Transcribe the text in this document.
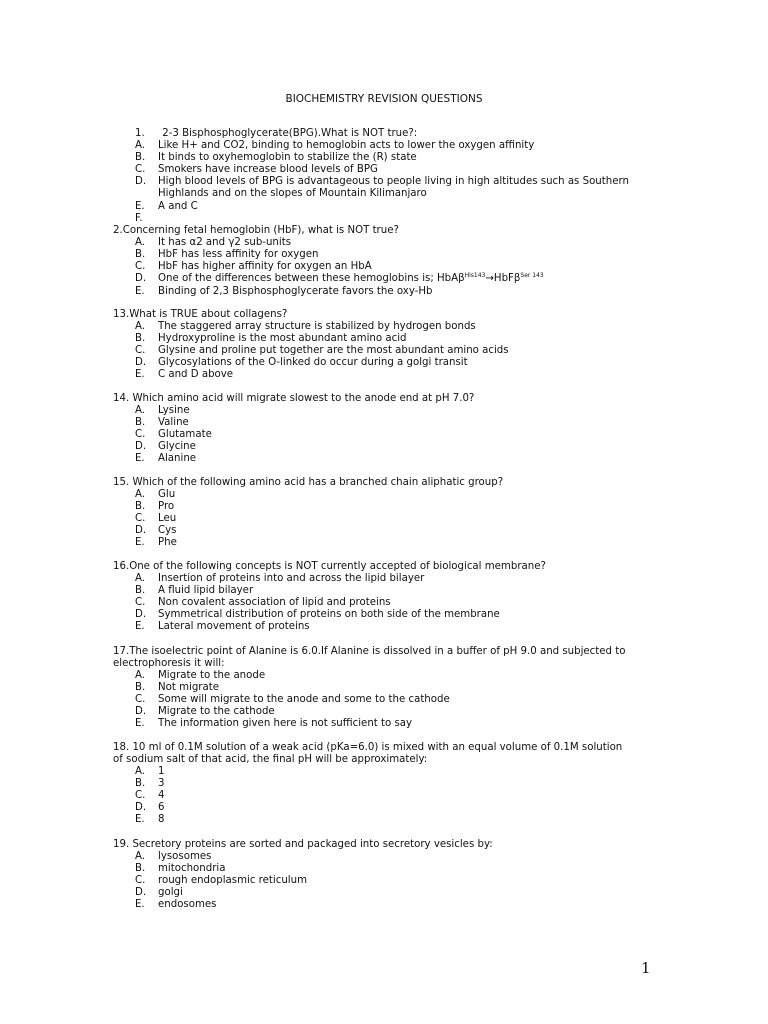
BIOCHEMISTRY REVISION QUESTIONS
1. 2-3 Bisphosphoglycerate(BPG).What is NOT true?:
A. Like H+ and CO2, binding to hemoglobin acts to lower the oxygen affinity
B. It binds to oxyhemoglobin to stabilize the (R) state
C. Smokers have increase blood levels of BPG
D. High blood levels of BPG is advantageous to people living in high altitudes such as Southern Highlands and on the slopes of Mountain Kilimanjaro
E. A and C
F.
2.Concerning fetal hemoglobin (HbF), what is NOT true?
A. It has α2 and γ2 sub-units
B. HbF has less affinity for oxygen
C. HbF has higher affinity for oxygen an HbA
D. One of the differences between these hemoglobins is; HbAβ$^{His143}$→HbFβ$^{Ser 143}$
E. Binding of 2,3 Bisphosphoglycerate favors the oxy-Hb
13.What is TRUE about collagens?
A. The staggered array structure is stabilized by hydrogen bonds
B. Hydroxyproline is the most abundant amino acid
C. Glysine and proline put together are the most abundant amino acids
D. Glycosylations of the O-linked do occur during a golgi transit
E. C and D above
14. Which amino acid will migrate slowest to the anode end at pH 7.0?
A. Lysine
B. Valine
C. Glutamate
D. Glycine
E. Alanine
15. Which of the following amino acid has a branched chain aliphatic group?
A. Glu
B. Pro
C. Leu
D. Cys
E. Phe
16.One of the following concepts is NOT currently accepted of biological membrane?
A. Insertion of proteins into and across the lipid bilayer
B. A fluid lipid bilayer
C. Non covalent association of lipid and proteins
D. Symmetrical distribution of proteins on both side of the membrane
E. Lateral movement of proteins
17.The isoelectric point of Alanine is 6.0.If Alanine is dissolved in a buffer of pH 9.0 and subjected to electrophoresis it will:
A. Migrate to the anode
B. Not migrate
C. Some will migrate to the anode and some to the cathode
D. Migrate to the cathode
E. The information given here is not sufficient to say
18. 10 ml of 0.1M solution of a weak acid (pKa=6.0) is mixed with an equal volume of 0.1M solution of sodium salt of that acid, the final pH will be approximately:
A. 1
B. 3
C. 4
D. 6
E. 8
19. Secretory proteins are sorted and packaged into secretory vesicles by:
A. lysosomes
B. mitochondria
C. rough endoplasmic reticulum
D. golgi
E. endosomes
1
